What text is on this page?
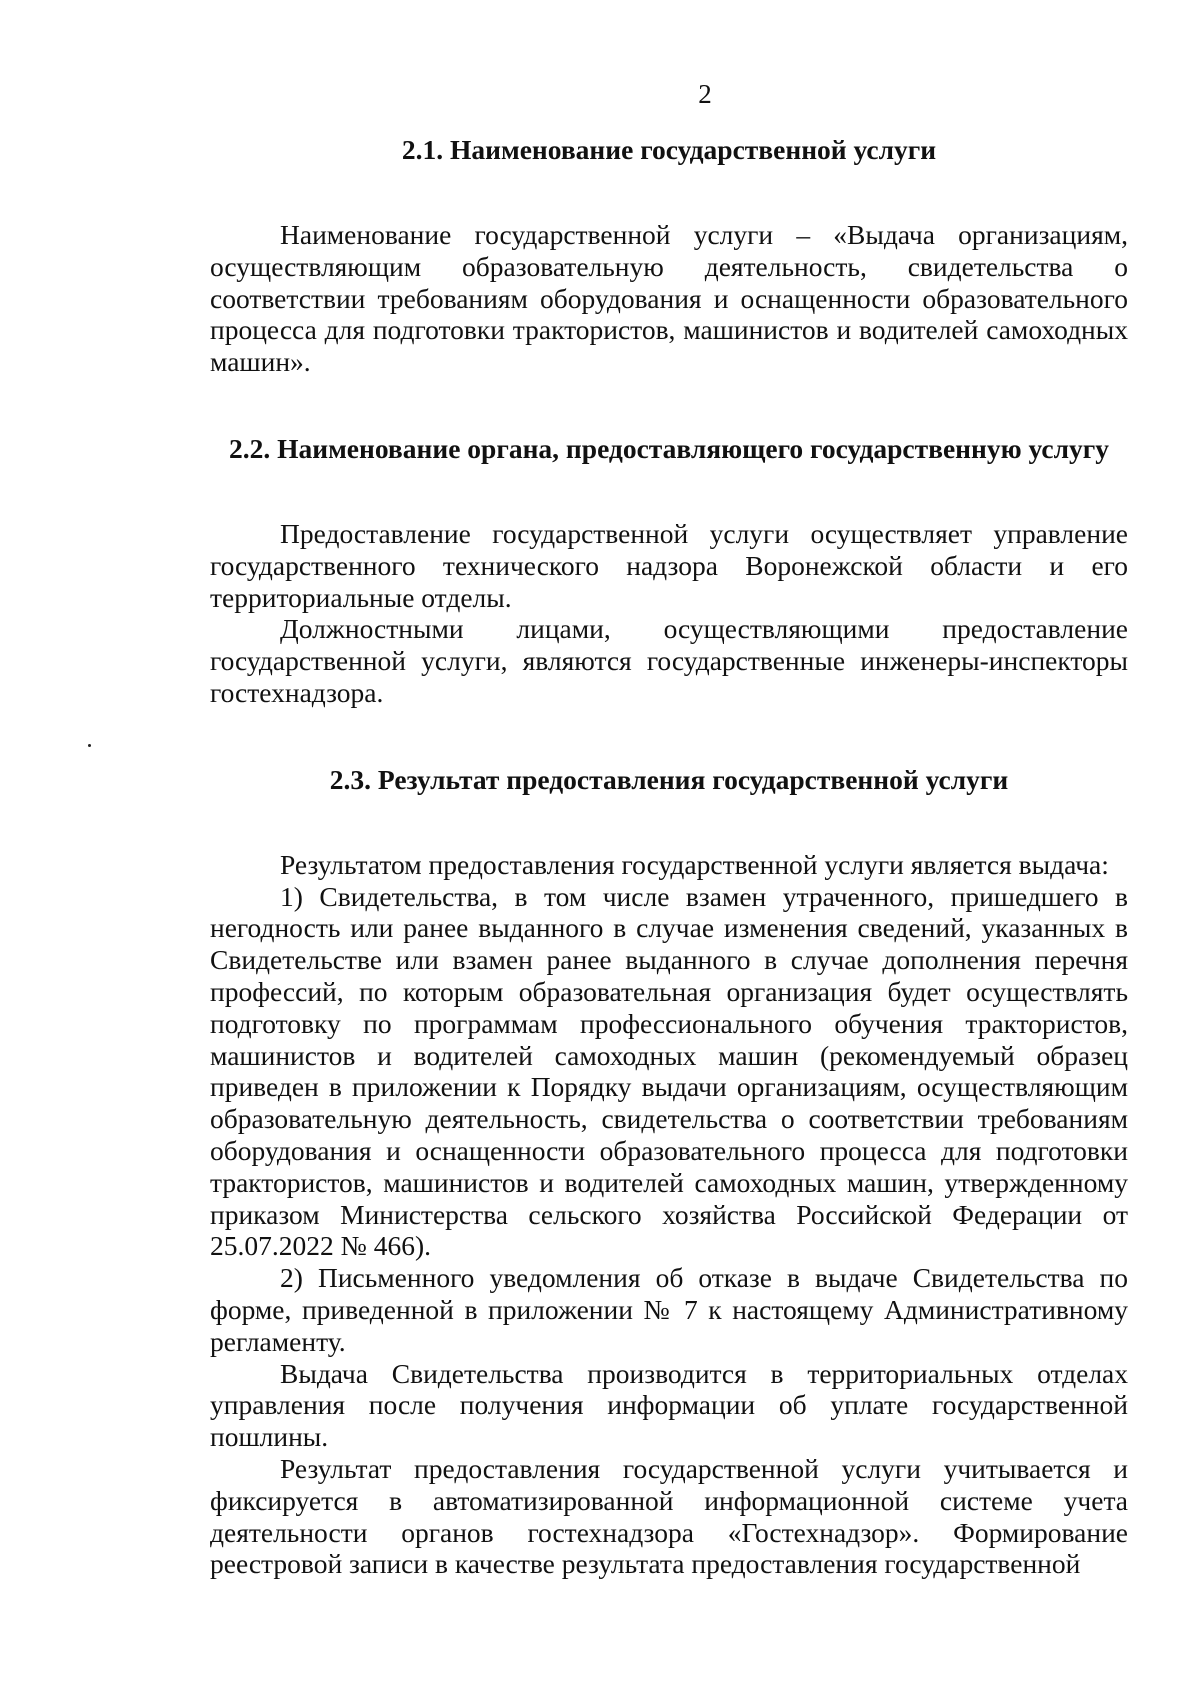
2
2.1. Наименование государственной услуги

Наименование государственной услуги – «Выдача организациям, осуществляющим образовательную деятельность, свидетельства о соответствии требованиям оборудования и оснащенности образовательного процесса для подготовки трактористов, машинистов и водителей самоходных машин».

2.2. Наименование органа, предоставляющего государственную услугу

Предоставление государственной услуги осуществляет управление государственного технического надзора Воронежской области и его территориальные отделы.

Должностными лицами, осуществляющими предоставление государственной услуги, являются государственные инженеры-инспекторы гостехнадзора.

2.3. Результат предоставления государственной услуги

Результатом предоставления государственной услуги является выдача:

1) Свидетельства, в том числе взамен утраченного, пришедшего в негодность или ранее выданного в случае изменения сведений, указанных в Свидетельстве или взамен ранее выданного в случае дополнения перечня профессий, по которым образовательная организация будет осуществлять подготовку по программам профессионального обучения трактористов, машинистов и водителей самоходных машин (рекомендуемый образец приведен в приложении к Порядку выдачи организациям, осуществляющим образовательную деятельность, свидетельства о соответствии требованиям оборудования и оснащенности образовательного процесса для подготовки трактористов, машинистов и водителей самоходных машин, утвержденному приказом Министерства сельского хозяйства Российской Федерации от 25.07.2022 № 466).

2) Письменного уведомления об отказе в выдаче Свидетельства по форме, приведенной в приложении № 7 к настоящему Административному регламенту.

Выдача Свидетельства производится в территориальных отделах управления после получения информации об уплате государственной пошлины.

Результат предоставления государственной услуги учитывается и фиксируется в автоматизированной информационной системе учета деятельности органов гостехнадзора «Гостехнадзор». Формирование реестровой записи в качестве результата предоставления государственной
